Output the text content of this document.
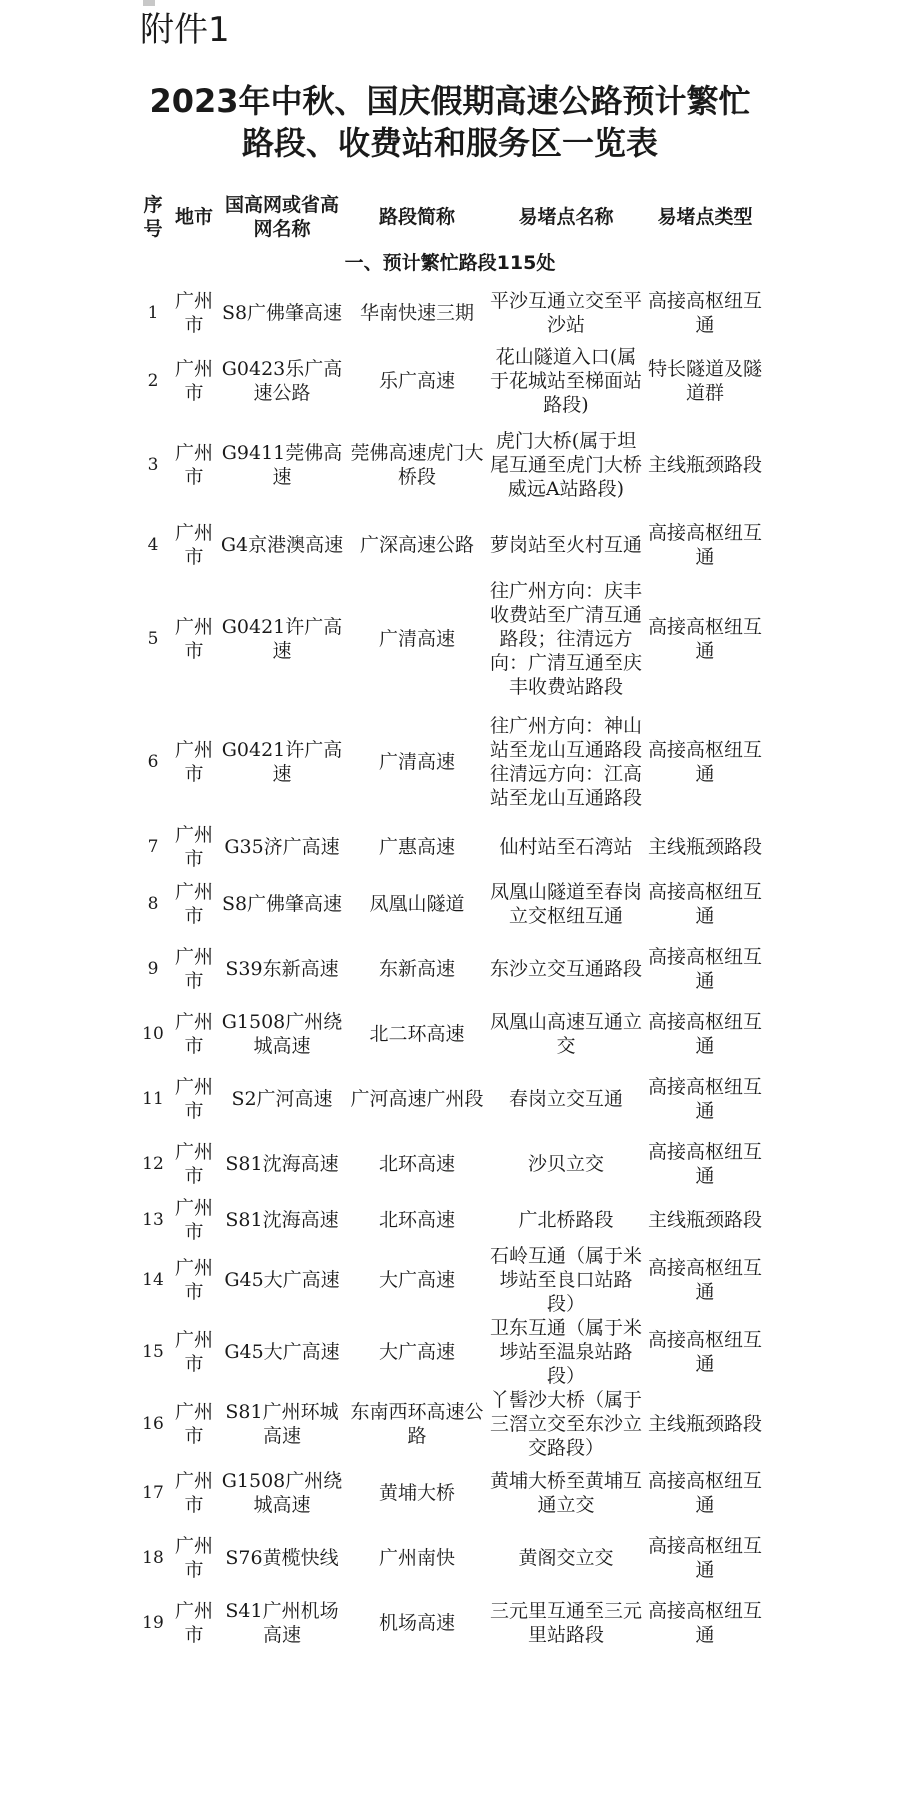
附件1
2023年中秋、国庆假期高速公路预计繁忙
路段、收费站和服务区一览表
序号	地市	国高网或省高网名称	路段简称	易堵点名称	易堵点类型
一、预计繁忙路段115处					
1	广州市	S8广佛肇高速	华南快速三期	平沙互通立交至平沙站	高接高枢纽互通
2	广州市	G0423乐广高速公路	乐广高速	花山隧道入口(属于花城站至梯面站路段)	特长隧道及隧道群
3	广州市	G9411莞佛高速	莞佛高速虎门大桥段	虎门大桥(属于坦尾互通至虎门大桥威远A站路段)	主线瓶颈路段
4	广州市	G4京港澳高速	广深高速公路	萝岗站至火村互通	高接高枢纽互通
5	广州市	G0421许广高速	广清高速	往广州方向：庆丰收费站至广清互通路段；往清远方向：广清互通至庆丰收费站路段	高接高枢纽互通
6	广州市	G0421许广高速	广清高速	往广州方向：神山站至龙山互通路段往清远方向：江高站至龙山互通路段	高接高枢纽互通
7	广州市	G35济广高速	广惠高速	仙村站至石湾站	主线瓶颈路段
8	广州市	S8广佛肇高速	凤凰山隧道	凤凰山隧道至春岗立交枢纽互通	高接高枢纽互通
9	广州市	S39东新高速	东新高速	东沙立交互通路段	高接高枢纽互通
10	广州市	G1508广州绕城高速	北二环高速	凤凰山高速互通立交	高接高枢纽互通
11	广州市	S2广河高速	广河高速广州段	春岗立交互通	高接高枢纽互通
12	广州市	S81沈海高速	北环高速	沙贝立交	高接高枢纽互通
13	广州市	S81沈海高速	北环高速	广北桥路段	主线瓶颈路段
14	广州市	G45大广高速	大广高速	石岭互通（属于米埗站至良口站路段）	高接高枢纽互通
15	广州市	G45大广高速	大广高速	卫东互通（属于米埗站至温泉站路段）	高接高枢纽互通
16	广州市	S81广州环城高速	东南西环高速公路	丫髻沙大桥（属于三滘立交至东沙立交路段）	主线瓶颈路段
17	广州市	G1508广州绕城高速	黄埔大桥	黄埔大桥至黄埔互通立交	高接高枢纽互通
18	广州市	S76黄榄快线	广州南快	黄阁交立交	高接高枢纽互通
19	广州市	S41广州机场高速	机场高速	三元里互通至三元里站路段	高接高枢纽互通
